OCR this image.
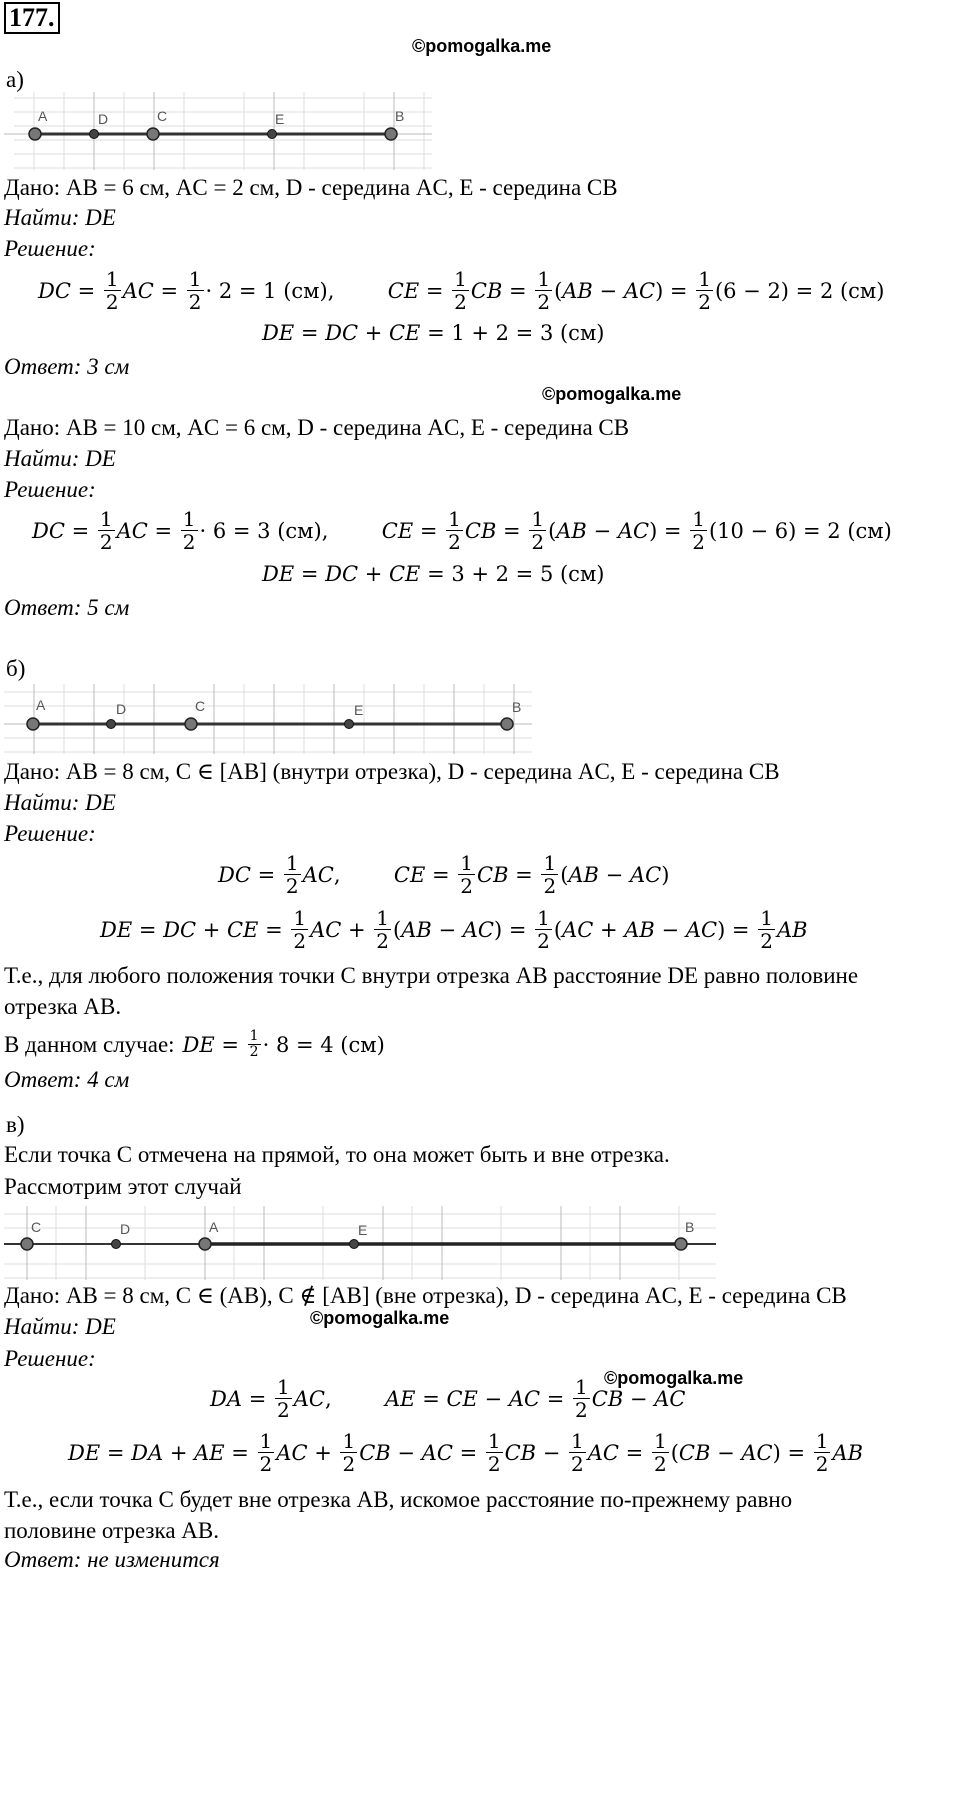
177.
©pomogalka.me
а)
A	D	C	E	B
Дано: AB = 6 см, AC = 2 см, D - середина AC, E - середина CB
Найти: DE
Решение:
DC = $\frac{1}{2}$ AC = $\frac{1}{2} \cdot 2 = 1$ (см), CE = $\frac{1}{2}$ CB = $\frac{1}{2}$ ( AB − AC ) = $\frac{1}{2} (6 - 2) = 2$ (см)
DE = DC + CE = 1 + 2 = 3 (см)
Ответ: 3 см
©pomogalka.me
Дано: AB = 10 см, AC = 6 см, D - середина AC, E - середина CB
Найти: DE
Решение:
DC = $\frac{1}{2}$ AC = $\frac{1}{2} \cdot 6 = 3$ (см), CE = $\frac{1}{2}$ CB = $\frac{1}{2}$ ( AB − AC ) = $\frac{1}{2} (10 - 6) = 2$ (см)
DE = DC + CE = 3 + 2 = 5 (см)
Ответ: 5 см
б)
A	D	C	E	B
Дано: AB = 8 см, C ∈ [AB] (внутри отрезка), D - середина AC, E - середина CB
Найти: DE
Решение:
DC = $\frac{1}{2}$ AC , CE = $\frac{1}{2}$ CB = $\frac{1}{2}$ ( AB − AC )
DE = DC + CE = $\frac{1}{2}$ AC + $\frac{1}{2}$ ( AB − AC ) = $\frac{1}{2}$ ( AC + AB − AC ) = $\frac{1}{2}$ AB
Т.е., для любого положения точки C внутри отрезка AB расстояние DE равно половине
отрезка AB.
В данном случае: DE = $\frac{1}{2} \cdot 8 = 4$ (см)
Ответ: 4 см
в)
Если точка C отмечена на прямой, то она может быть и вне отрезка.
Рассмотрим этот случай
C	D	A	E	B
Дано: AB = 8 см, C ∈ (AB), C ∉ [AB] (вне отрезка), D - середина AC, E - середина CB
Найти: DE	©pomogalka.me
Решение:
©pomogalka.me
DA = $\frac{1}{2}$ AC , AE = CE − AC = $\frac{1}{2}$ CB − AC
DE = DA + AE = $\frac{1}{2}$ AC + $\frac{1}{2}$ CB − AC = $\frac{1}{2}$ CB − $\frac{1}{2}$ AC = $\frac{1}{2}$ ( CB − AC ) = $\frac{1}{2}$ AB
Т.е., если точка C будет вне отрезка AB, искомое расстояние по-прежнему равно
половине отрезка AB.
Ответ: не изменится
